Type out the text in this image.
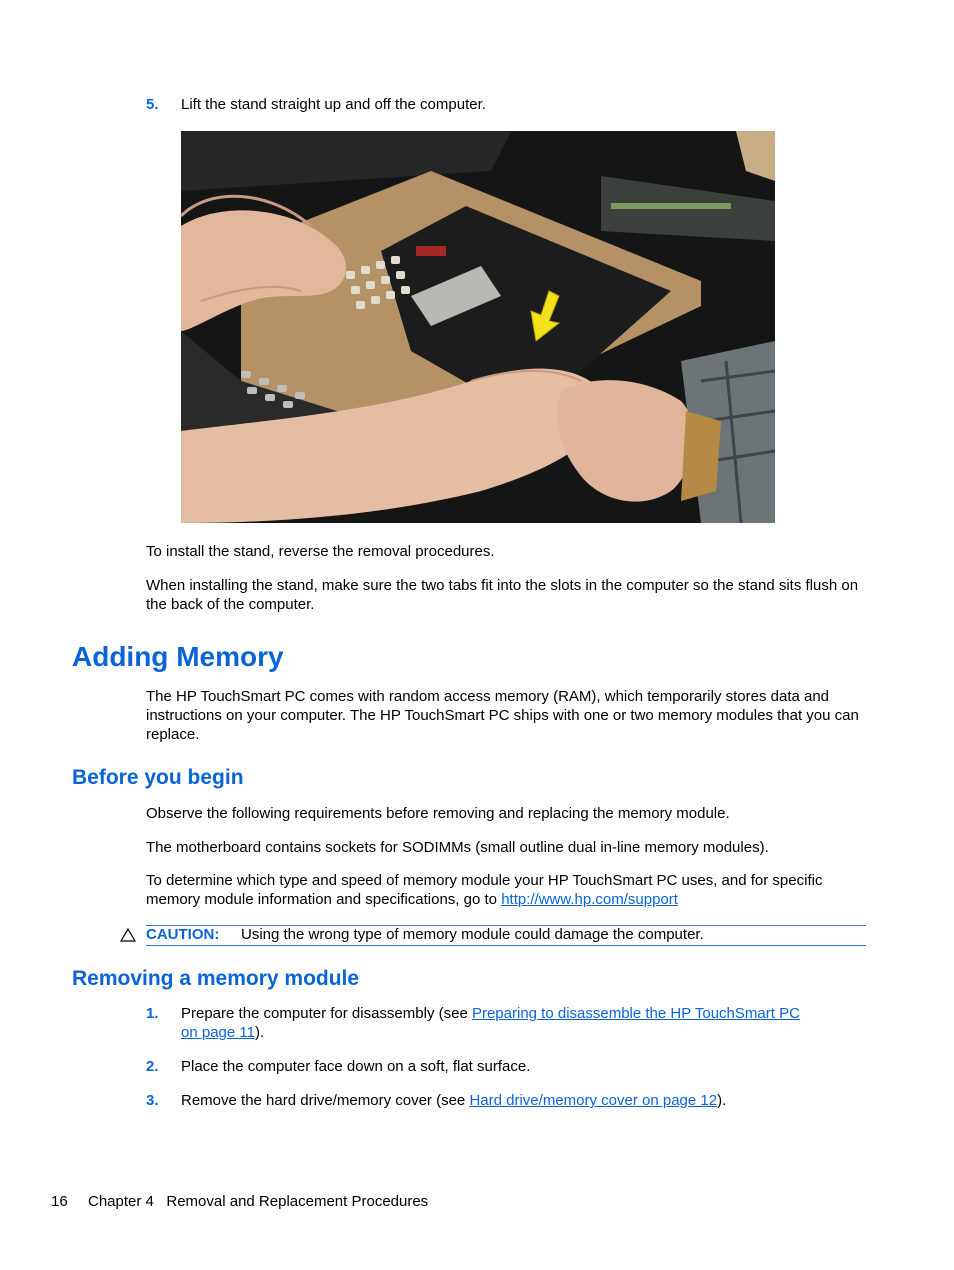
5. Lift the stand straight up and off the computer.
To install the stand, reverse the removal procedures.
When installing the stand, make sure the two tabs fit into the slots in the computer so the stand sits flush on the back of the computer.
Adding Memory
The HP TouchSmart PC comes with random access memory (RAM), which temporarily stores data and instructions on your computer. The HP TouchSmart PC ships with one or two memory modules that you can replace.
Before you begin
Observe the following requirements before removing and replacing the memory module.
The motherboard contains sockets for SODIMMs (small outline dual in-line memory modules).
To determine which type and speed of memory module your HP TouchSmart PC uses, and for specific memory module information and specifications, go to http://www.hp.com/support
CAUTION: Using the wrong type of memory module could damage the computer.
Removing a memory module
1. Prepare the computer for disassembly (see Preparing to disassemble the HP TouchSmart PC
on page 11).
2. Place the computer face down on a soft, flat surface.
3. Remove the hard drive/memory cover (see Hard drive/memory cover on page 12).
16 Chapter 4   Removal and Replacement Procedures
